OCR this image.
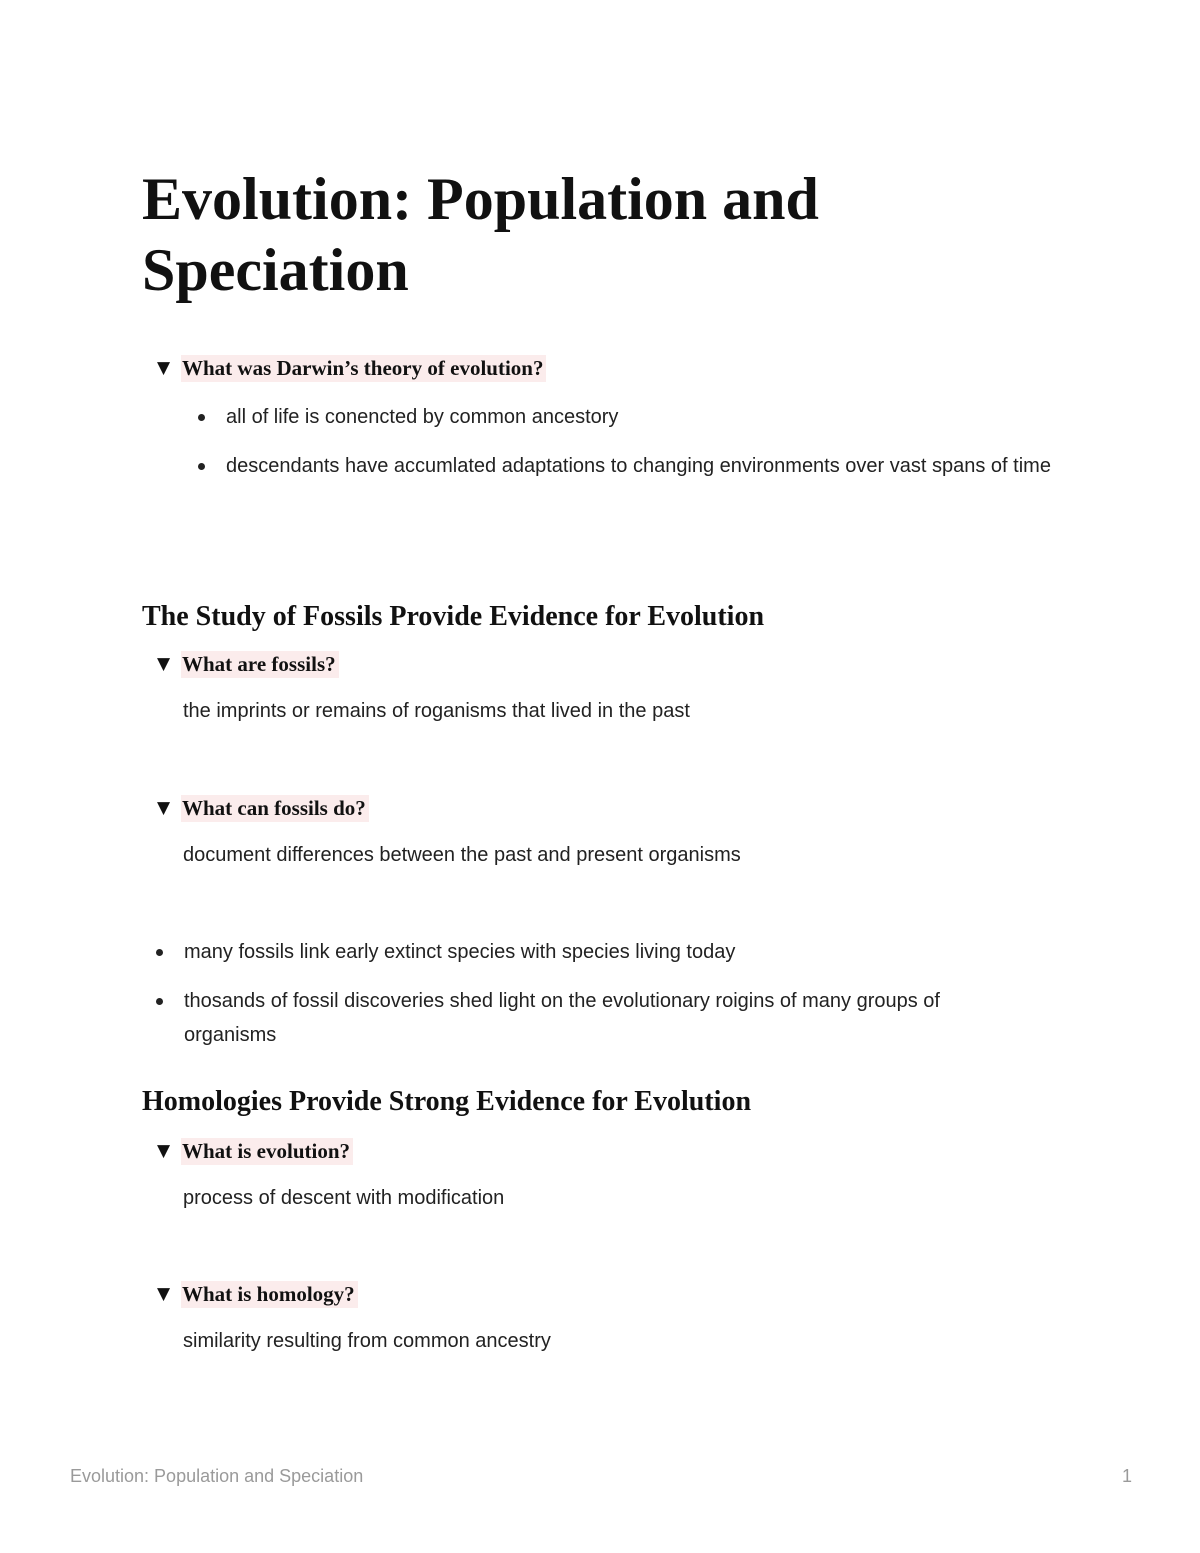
Evolution: Population and Speciation
▼ What was Darwin’s theory of evolution?
all of life is conencted by common ancestory
descendants have accumlated adaptations to changing environments over vast spans of time
The Study of Fossils Provide Evidence for Evolution
▼ What are fossils?

the imprints or remains of roganisms that lived in the past

▼ What can fossils do?

document differences between the past and present organisms

many fossils link early extinct species with species living today
thosands of fossil discoveries shed light on the evolutionary roigins of many groups of organisms
Homologies Provide Strong Evidence for Evolution
▼ What is evolution?

process of descent with modification

▼ What is homology?

similarity resulting from common ancestry

Evolution: Population and Speciation	1
